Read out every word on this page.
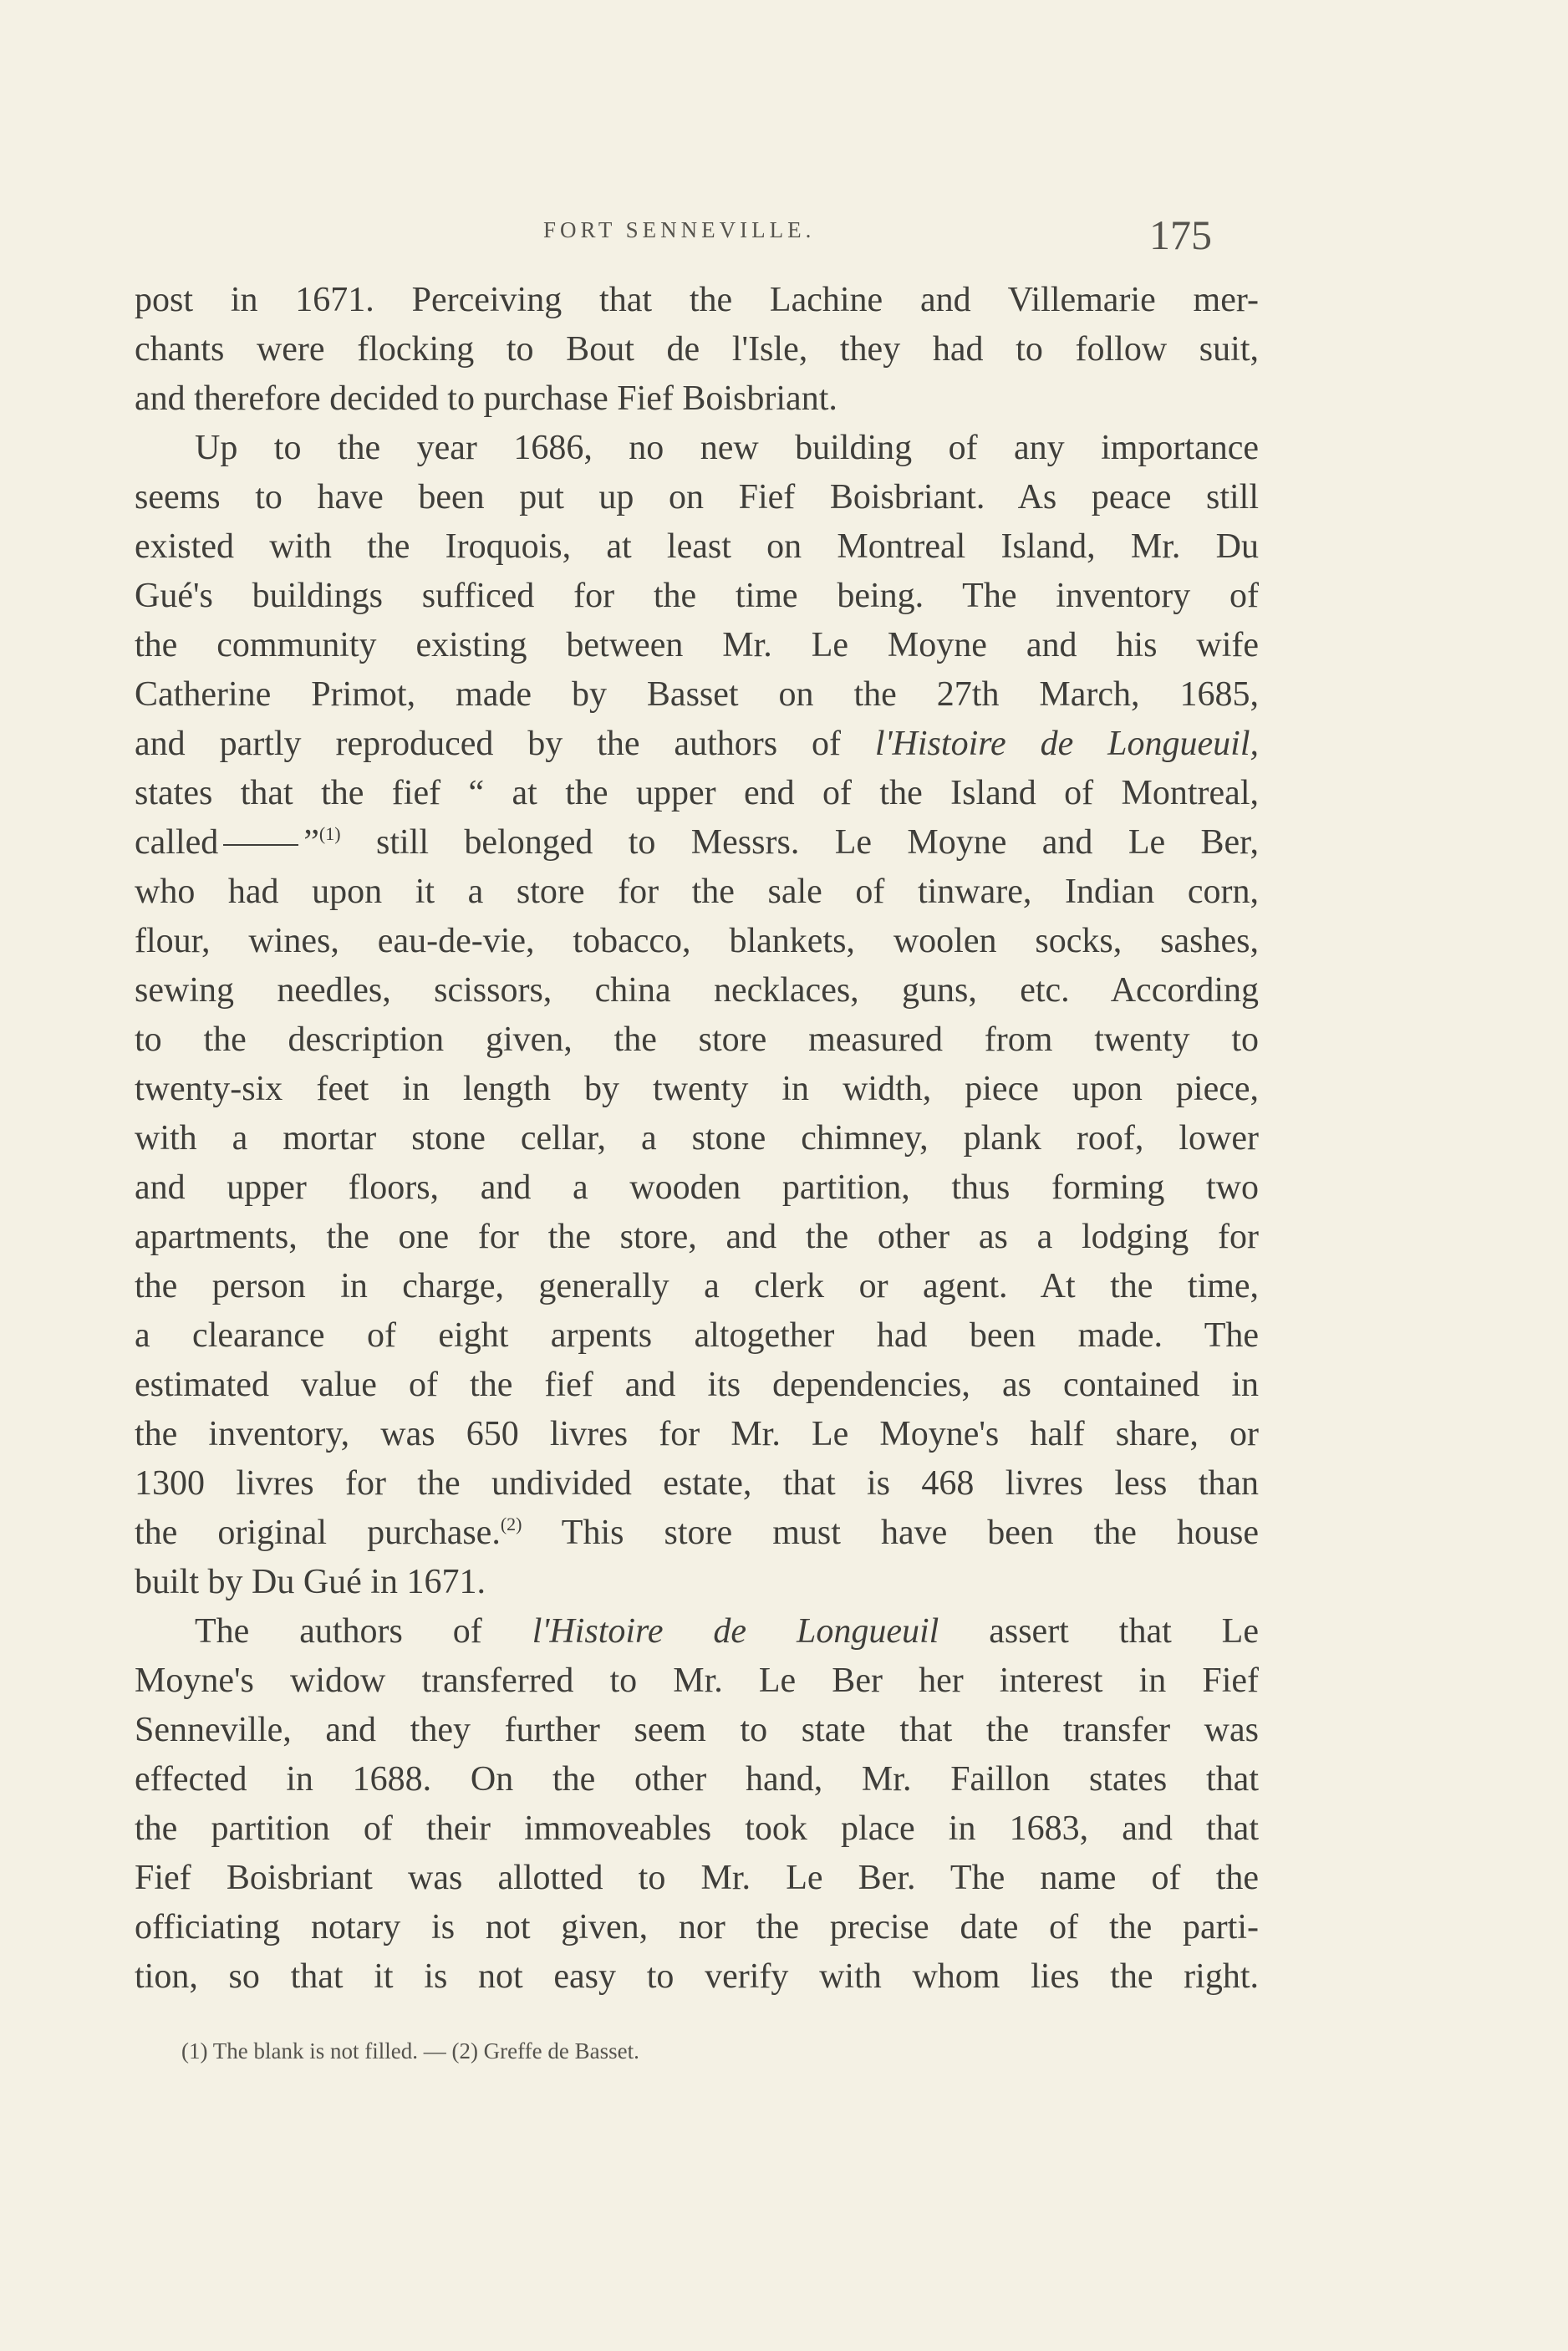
FORT SENNEVILLE.	175
post in 1671. Perceiving that the Lachine and Villemarie mer-
chants were flocking to Bout de l'Isle, they had to follow suit,
and therefore decided to purchase Fief Boisbriant.
Up to the year 1686, no new building of any importance
seems to have been put up on Fief Boisbriant. As peace still
existed with the Iroquois, at least on Montreal Island, Mr. Du
Gué's buildings sufficed for the time being. The inventory of
the community existing between Mr. Le Moyne and his wife
Catherine Primot, made by Basset on the 27th March, 1685,
and partly reproduced by the authors of l'Histoire de Longueuil,
states that the fief “ at the upper end of the Island of Montreal,
called ”$^{(1)}$ still belonged to Messrs. Le Moyne and Le Ber,
who had upon it a store for the sale of tinware, Indian corn,
flour, wines, eau-de-vie, tobacco, blankets, woolen socks, sashes,
sewing needles, scissors, china necklaces, guns, etc. According
to the description given, the store measured from twenty to
twenty-six feet in length by twenty in width, piece upon piece,
with a mortar stone cellar, a stone chimney, plank roof, lower
and upper floors, and a wooden partition, thus forming two
apartments, the one for the store, and the other as a lodging for
the person in charge, generally a clerk or agent. At the time,
a clearance of eight arpents altogether had been made. The
estimated value of the fief and its dependencies, as contained in
the inventory, was 650 livres for Mr. Le Moyne's half share, or
1300 livres for the undivided estate, that is 468 livres less than
the original purchase.$^{(2)}$ This store must have been the house
built by Du Gué in 1671.
The authors of l'Histoire de Longueuil assert that Le
Moyne's widow transferred to Mr. Le Ber her interest in Fief
Senneville, and they further seem to state that the transfer was
effected in 1688. On the other hand, Mr. Faillon states that
the partition of their immoveables took place in 1683, and that
Fief Boisbriant was allotted to Mr. Le Ber. The name of the
officiating notary is not given, nor the precise date of the parti-
tion, so that it is not easy to verify with whom lies the right.
(1) The blank is not filled. — (2) Greffe de Basset.
